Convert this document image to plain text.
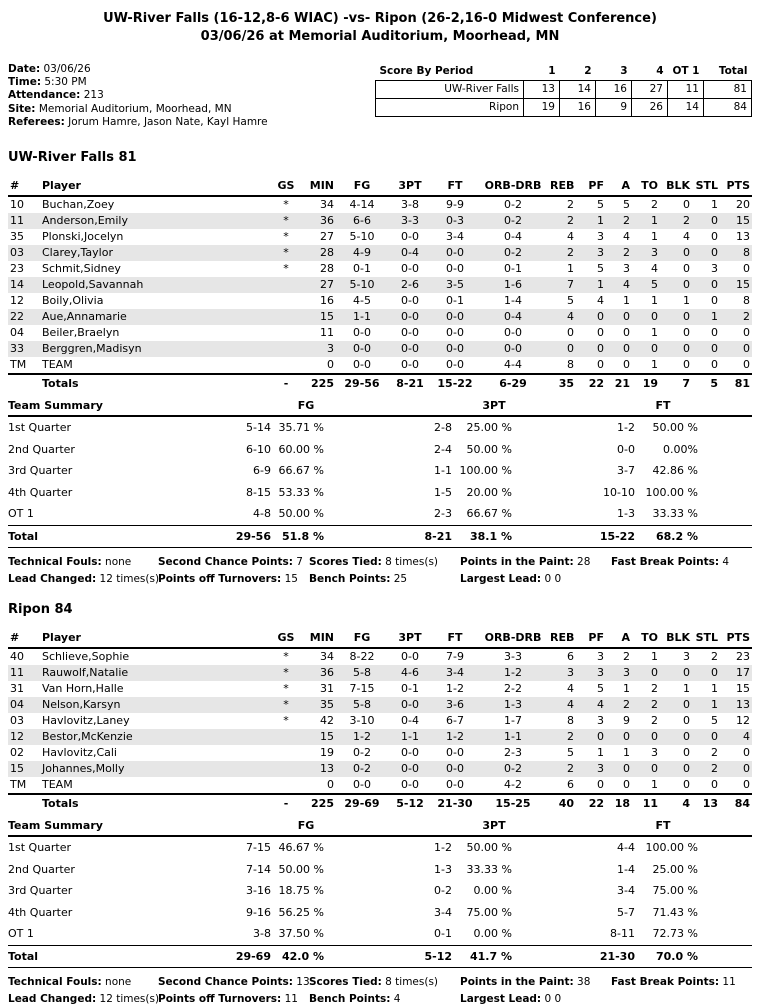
UW-River Falls (16-12,8-6 WIAC) -vs- Ripon (26-2,16-0 Midwest Conference)
03/06/26 at Memorial Auditorium, Moorhead, MN
Date: 03/06/26
Time: 5:30 PM
Attendance: 213
Site: Memorial Auditorium, Moorhead, MN
Referees: Jorum Hamre, Jason Nate, Kayl Hamre
Score By Period	1	2	3	4	OT 1	Total
UW-River Falls	13	14	16	27	11	81
Ripon	19	16	9	26	14	84
UW-River Falls 81
#	Player	GS	MIN	FG	3PT	FT	ORB-DRB	REB	PF	A	TO	BLK	STL	PTS
10	Buchan,Zoey	*	34	4-14	3-8	9-9	0-2	2	5	5	2	0	1	20
11	Anderson,Emily	*	36	6-6	3-3	0-3	0-2	2	1	2	1	2	0	15
35	Plonski,Jocelyn	*	27	5-10	0-0	3-4	0-4	4	3	4	1	4	0	13
03	Clarey,Taylor	*	28	4-9	0-4	0-0	0-2	2	3	2	3	0	0	8
23	Schmit,Sidney	*	28	0-1	0-0	0-0	0-1	1	5	3	4	0	3	0
14	Leopold,Savannah		27	5-10	2-6	3-5	1-6	7	1	4	5	0	0	15
12	Boily,Olivia		16	4-5	0-0	0-1	1-4	5	4	1	1	1	0	8
22	Aue,Annamarie		15	1-1	0-0	0-0	0-4	4	0	0	0	0	1	2
04	Beiler,Braelyn		11	0-0	0-0	0-0	0-0	0	0	0	1	0	0	0
33	Berggren,Madisyn		3	0-0	0-0	0-0	0-0	0	0	0	0	0	0	0
TM	TEAM		0	0-0	0-0	0-0	4-4	8	0	0	1	0	0	0
	Totals	-	225	29-56	8-21	15-22	6-29	35	22	21	19	7	5	81
Team Summary	FG	3PT	FT
1st Quarter	5-14 35.71 %	2-8	25.00 %	1-2	50.00 %
2nd Quarter	6-10 60.00 %	2-4	50.00 %	0-0	0.00%
3rd Quarter	6-9 66.67 %	1-1 100.00 %	3-7	42.86 %
4th Quarter	8-15 53.33 %	1-5	20.00 %	10-10 100.00 %
OT 1	4-8 50.00 %	2-3	66.67 %	1-3	33.33 %
Total	29-56	51.8 %	8-21	38.1 %	15-22	68.2 %
Technical Fouls: none	Second Chance Points: 7 Scores Tied: 8 times(s)	Points in the Paint: 28	Fast Break Points: 4
Lead Changed: 12 times(s)
Points off Turnovers: 15	Bench Points: 25	Largest Lead: 0 0
Ripon 84
#	Player	GS	MIN	FG	3PT	FT	ORB-DRB	REB	PF	A	TO	BLK	STL	PTS
40	Schlieve,Sophie	*	34	8-22	0-0	7-9	3-3	6	3	2	1	3	2	23
11	Rauwolf,Natalie	*	36	5-8	4-6	3-4	1-2	3	3	3	0	0	0	17
31	Van Horn,Halle	*	31	7-15	0-1	1-2	2-2	4	5	1	2	1	1	15
04	Nelson,Karsyn	*	35	5-8	0-0	3-6	1-3	4	4	2	2	0	1	13
03	Havlovitz,Laney	*	42	3-10	0-4	6-7	1-7	8	3	9	2	0	5	12
12	Bestor,McKenzie		15	1-2	1-1	1-2	1-1	2	0	0	0	0	0	4
02	Havlovitz,Cali		19	0-2	0-0	0-0	2-3	5	1	1	3	0	2	0
15	Johannes,Molly		13	0-2	0-0	0-0	0-2	2	3	0	0	0	2	0
TM	TEAM		0	0-0	0-0	0-0	4-2	6	0	0	1	0	0	0
	Totals	-	225	29-69	5-12	21-30	15-25	40	22	18	11	4	13	84
Team Summary	FG	3PT	FT
1st Quarter	7-15 46.67 %	1-2	50.00 %	4-4 100.00 %
2nd Quarter	7-14 50.00 %	1-3	33.33 %	1-4	25.00 %
3rd Quarter	3-16 18.75 %	0-2	0.00 %	3-4	75.00 %
4th Quarter	9-16 56.25 %	3-4	75.00 %	5-7	71.43 %
OT 1	3-8 37.50 %	0-1	0.00 %	8-11	72.73 %
Total	29-69	42.0 %	5-12	41.7 %	21-30	70.0 %
Technical Fouls: none	Second Chance Points: 13 Scores Tied: 8 times(s)	Points in the Paint: 38	Fast Break Points: 11
Lead Changed: 12 times(s)
Points off Turnovers: 11	Bench Points: 4	Largest Lead: 0 0
